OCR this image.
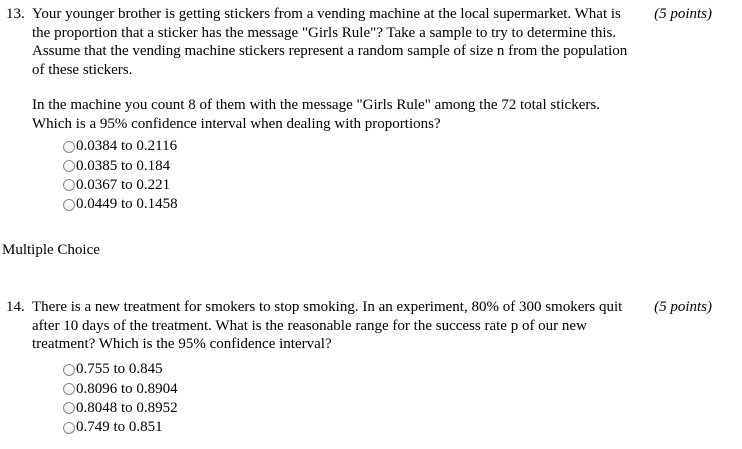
13. Your younger brother is getting stickers from a vending machine at the local supermarket. What is the proportion that a sticker has the message "Girls Rule"? Take a sample to try to determine this. Assume that the vending machine stickers represent a random sample of size n from the population of these stickers.

In the machine you count 8 of them with the message "Girls Rule" among the 72 total stickers. Which is a 95% confidence interval when dealing with proportions?

(5 points)
0.0384 to 0.2116
0.0385 to 0.184
0.0367 to 0.221
0.0449 to 0.1458
Multiple Choice
14. There is a new treatment for smokers to stop smoking. In an experiment, 80% of 300 smokers quit after 10 days of the treatment. What is the reasonable range for the success rate p of our new treatment? Which is the 95% confidence interval?

(5 points)
0.755 to 0.845
0.8096 to 0.8904
0.8048 to 0.8952
0.749 to 0.851
